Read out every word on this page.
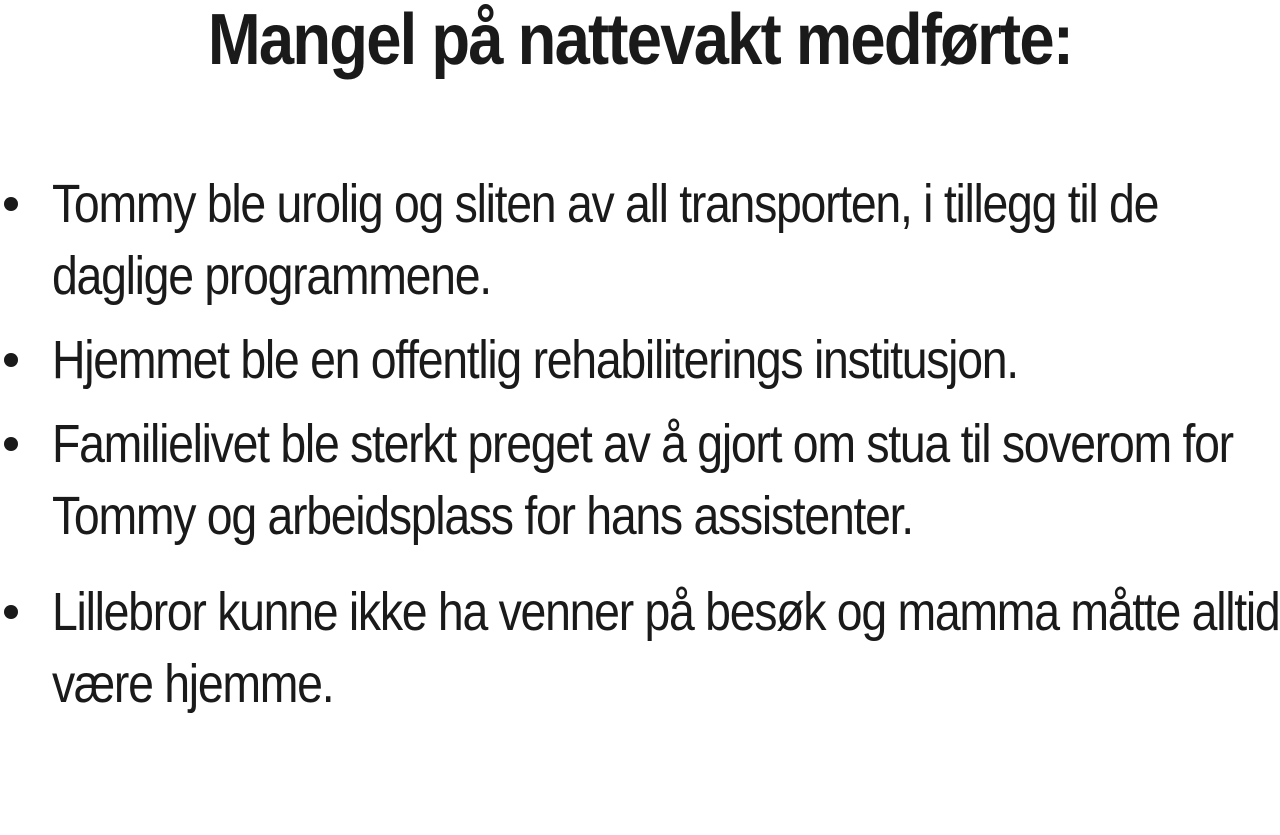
Mangel på nattevakt medførte:
Tommy ble urolig og sliten av all transporten, i tillegg til de daglige programmene.
Hjemmet ble en offentlig rehabiliterings institusjon.
Familielivet ble sterkt preget av å gjort om stua til soverom for Tommy og arbeidsplass for hans assistenter.
Lillebror kunne ikke ha venner på besøk og mamma måtte alltid være hjemme.
